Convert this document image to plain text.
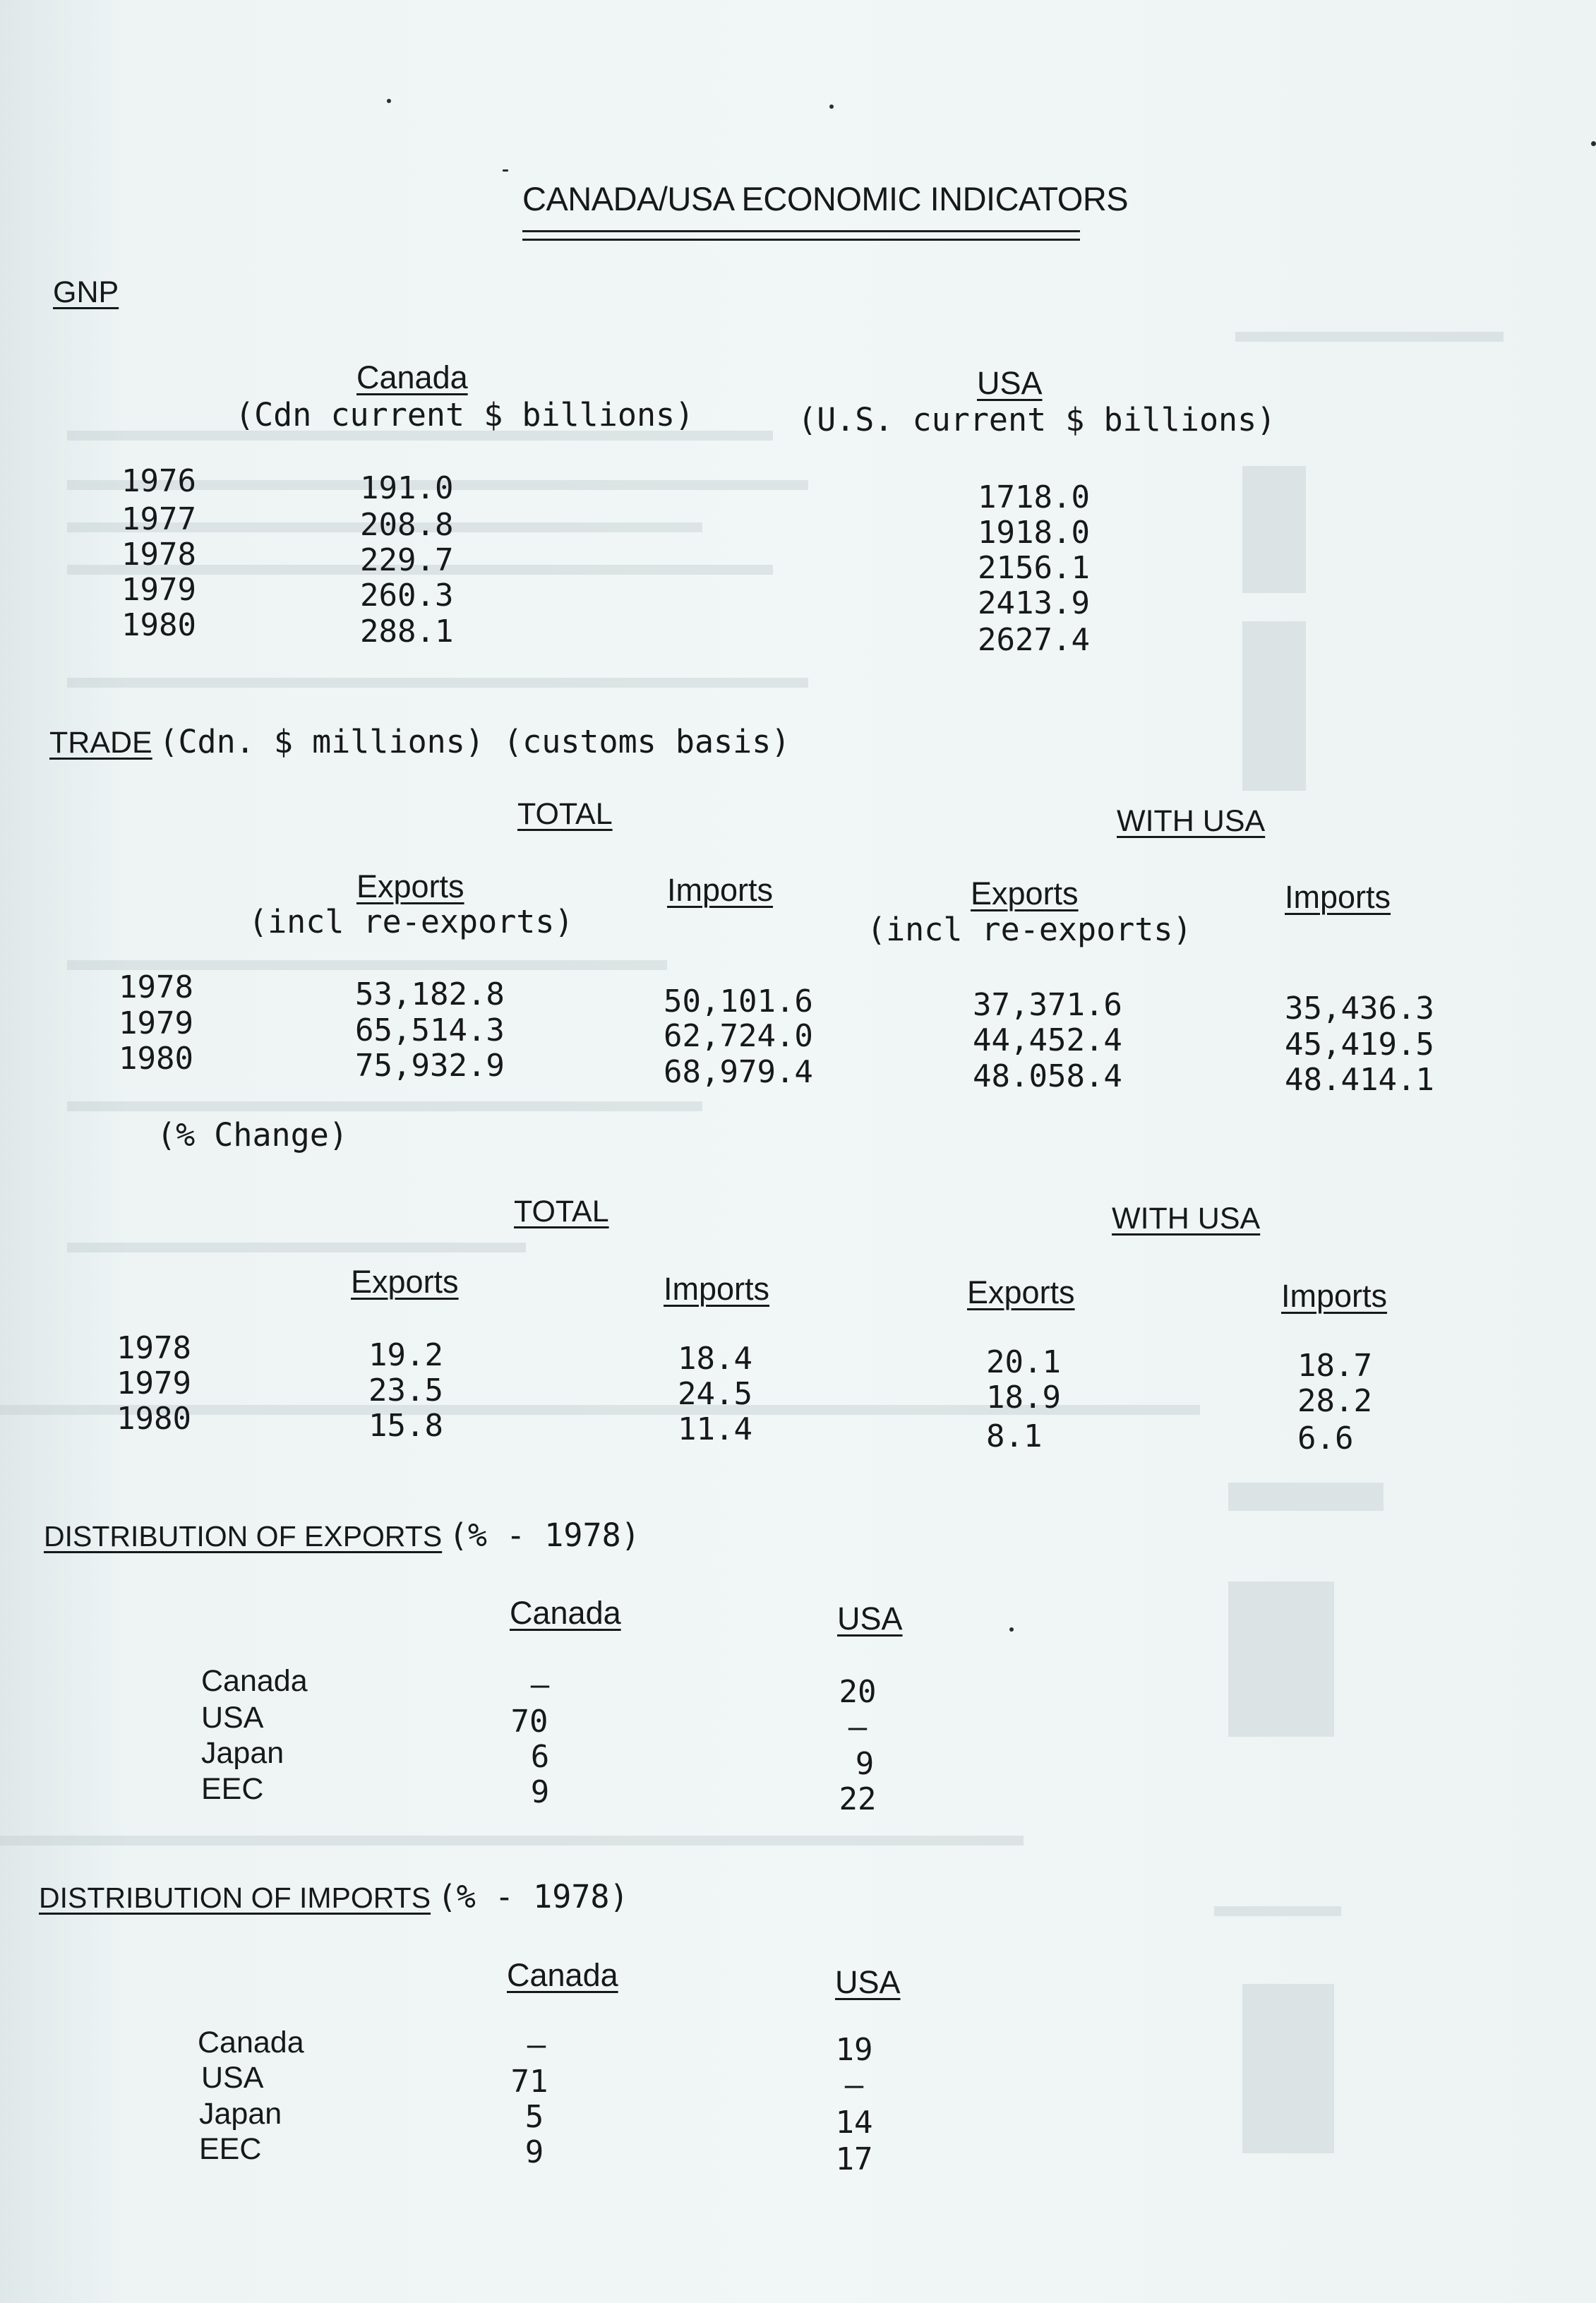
CANADA/USA ECONOMIC INDICATORS
GNP
Canada
(Cdn current $ billions)
USA
(U.S. current $ billions)
1976	191.0	1718.0
1977	208.8	1918.0
1978	229.7	2156.1
1979	260.3	2413.9
1980	288.1	2627.4
TRADE (Cdn. $ millions) (customs basis)
TOTAL	WITH USA
Exports
(incl re-exports)
Imports	Exports
(incl re-exports)
Imports
1978	53,182.8	50,101.6	37,371.6	35,436.3
1979	65,514.3	62,724.0	44,452.4	45,419.5
1980	75,932.9	68,979.4	48.058.4	48.414.1
(% Change)
TOTAL	WITH USA
Exports	Imports	Exports	Imports
1978	19.2	18.4	20.1	18.7
1979	23.5	24.5	18.9	28.2
1980	15.8	11.4	8.1	6.6
DISTRIBUTION OF EXPORTS (% - 1978)
Canada	USA
Canada	–	20
USA	70	–
Japan	6	9
EEC	9	22
DISTRIBUTION OF IMPORTS (% - 1978)
Canada	USA
Canada	–	19
USA	71	–
Japan	5	14
EEC	9	17
